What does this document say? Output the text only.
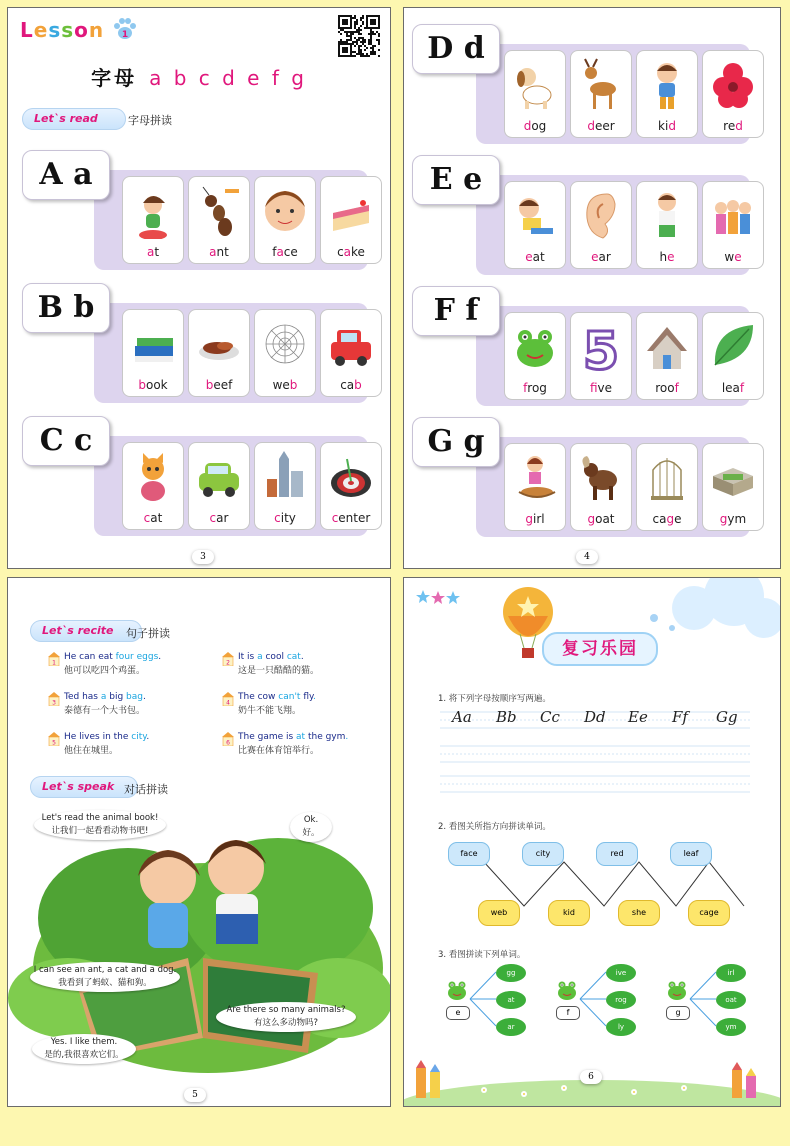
Lesson 1
字母 a b c d e f g
Let`s read	字母拼读
A a
at	ant	face	cake
B b
book	beef	web	cab
C c
cat	car	city	center
3
D d
dog	deer	kid	red
E e
eat	ear	he	we
F f
frog
5
five	roof	leaf
G g
girl	goat	cage	gym
4
Let`s recite	句子拼读
1
He can eat four eggs.
他可以吃四个鸡蛋。
2
It is a cool cat.
这是一只酷酷的猫。
3
Ted has a big bag.
泰德有一个大书包。
4
The cow can't fly.
奶牛不能飞翔。
5
He lives in the city.
他住在城里。
6
The game is at the gym.
比赛在体育馆举行。
Let`s speak 对话拼读
Let's read the animal book!
让我们一起看看动物书吧!
Ok.
好。
I can see an ant, a cat and a dog.
我看到了蚂蚁、猫和狗。
Are there so many animals?
有这么多动物吗?
Yes. I like them.
是的,我很喜欢它们。
5
复习乐园
1. 将下列字母按顺序写两遍。
Aa Bb Cc Dd Ee Ff Gg
2. 看图关所指方向拼读单词。
face	city	red	leaf
web	kid	she	cage
3. 看图拼读下列单词。
e
gg
at
ar
f
ive
rog
ly
g
irl
oat
ym
6
